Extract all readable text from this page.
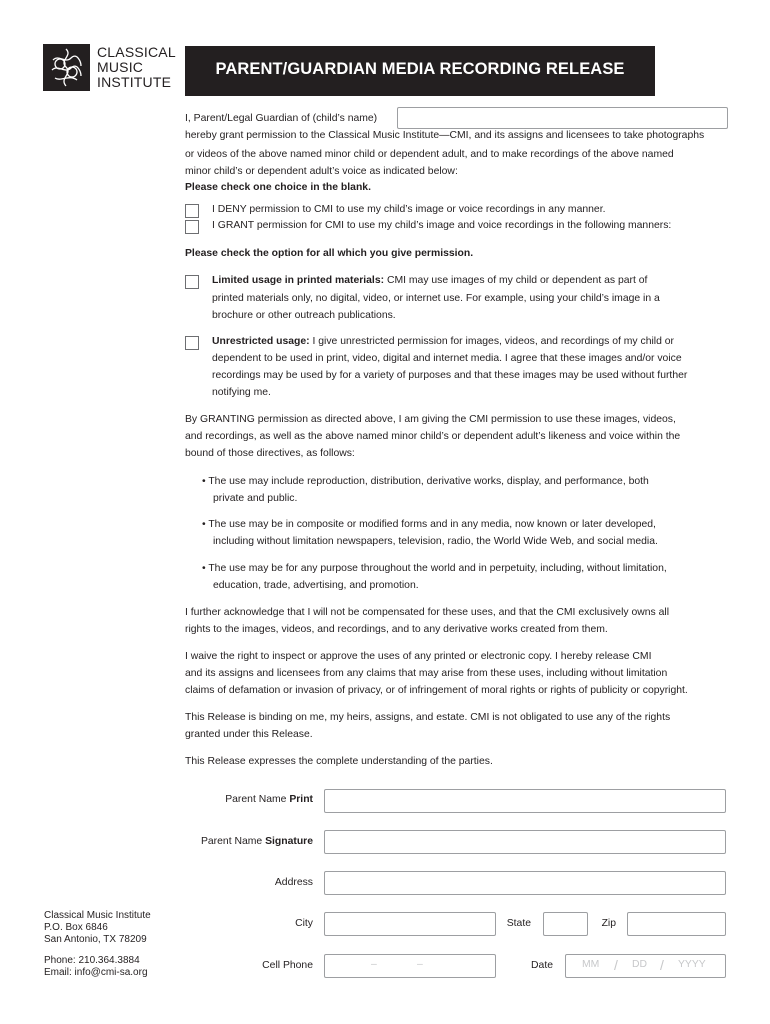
CLASSICAL
MUSIC
INSTITUTE
PARENT/GUARDIAN MEDIA RECORDING RELEASE
I, Parent/Legal Guardian of (child’s name)
hereby grant permission to the Classical Music Institute—CMI, and its assigns and licensees to take photographs
or videos of the above named minor child or dependent adult, and to make recordings of the above named
minor child’s or dependent adult’s voice as indicated below:
Please check one choice in the blank.
I DENY permission to CMI to use my child’s image or voice recordings in any manner.
I GRANT permission for CMI to use my child’s image and voice recordings in the following manners:
Please check the option for all which you give permission.
Limited usage in printed materials: CMI may use images of my child or dependent as part of
printed materials only, no digital, video, or internet use. For example, using your child’s image in a
brochure or other outreach publications.
Unrestricted usage: I give unrestricted permission for images, videos, and recordings of my child or
dependent to be used in print, video, digital and internet media. I agree that these images and/or voice
recordings may be used by for a variety of purposes and that these images may be used without further
notifying me.
By GRANTING permission as directed above, I am giving the CMI permission to use these images, videos,
and recordings, as well as the above named minor child’s or dependent adult’s likeness and voice within the
bound of those directives, as follows:
• The use may include reproduction, distribution, derivative works, display, and performance, both
private and public.
• The use may be in composite or modified forms and in any media, now known or later developed,
including without limitation newspapers, television, radio, the World Wide Web, and social media.
• The use may be for any purpose throughout the world and in perpetuity, including, without limitation,
education, trade, advertising, and promotion.
I further acknowledge that I will not be compensated for these uses, and that the CMI exclusively owns all
rights to the images, videos, and recordings, and to any derivative works created from them.
I waive the right to inspect or approve the uses of any printed or electronic copy. I hereby release CMI
and its assigns and licensees from any claims that may arise from these uses, including without limitation
claims of defamation or invasion of privacy, or of infringement of moral rights or rights of publicity or copyright.
This Release is binding on me, my heirs, assigns, and estate. CMI is not obligated to use any of the rights
granted under this Release.
This Release expresses the complete understanding of the parties.
Parent Name Print
Parent Name Signature
Address
City	State	Zip
Cell Phone	–	–	Date	MM / DD / YYYY
Classical Music Institute
P.O. Box 6846
San Antonio, TX 78209
Phone: 210.364.3884
Email: info@cmi-sa.org
